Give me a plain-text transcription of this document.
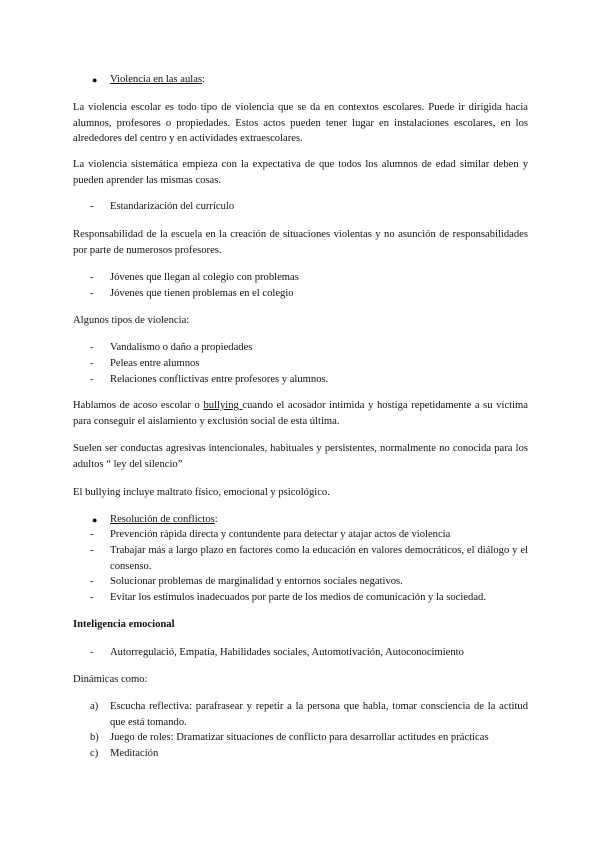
● Violencia en las aulas:
La violencia escolar es todo tipo de violencia que se da en contextos escolares. Puede ir dirigida hacia alumnos, profesores o propiedades. Estos actos pueden tener lugar en instalaciones escolares, en los alrededores del centro y en actividades extraescolares.
La violencia sistemática empieza con la expectativa de que todos los alumnos de edad similar deben y pueden aprender las mismas cosas.
- Estandarización del currículo
Responsabilidad de la escuela en la creación de situaciones violentas y no asunción de responsabilidades por parte de numerosos profesores.
- Jóvenes que llegan al colegio con problemas
- Jóvenes que tienen problemas en el colegio
Algunos tipos de violencia:
- Vandalismo o daño a propiedades
- Peleas entre alumnos
- Relaciones conflictivas entre profesores y alumnos.
Hablamos de acoso escolar o bullying cuando el acosador intimida y hostiga repetidamente a su víctima para conseguir el aislamiento y exclusión social de esta última.
Suelen ser conductas agresivas intencionales, habituales y persistentes, normalmente no conocida para los adultos “ ley del silencio”
El bullying incluye maltrato físico, emocional y psicológico.
● Resolución de conflictos:
- Prevención rápida directa y contundente para detectar y atajar actos de violencia
- Trabajar más a largo plazo en factores como la educación en valores democráticos, el diálogo y el consenso.
- Solucionar problemas de marginalidad y entornos sociales negativos.
- Evitar los estímulos inadecuados por parte de los medios de comunicación y la sociedad.
Inteligencia emocional
- Autorregulació, Empatía, Habilidades sociales, Automotivación, Autoconocimiento
Dinámicas como:
a) Escucha reflectiva: parafrasear y repetir a la persona que habla, tomar consciencia de la actitud que está tomando.
b) Juego de roles: Dramatizar situaciones de conflicto para desarrollar actitudes en prácticas
c) Meditación
